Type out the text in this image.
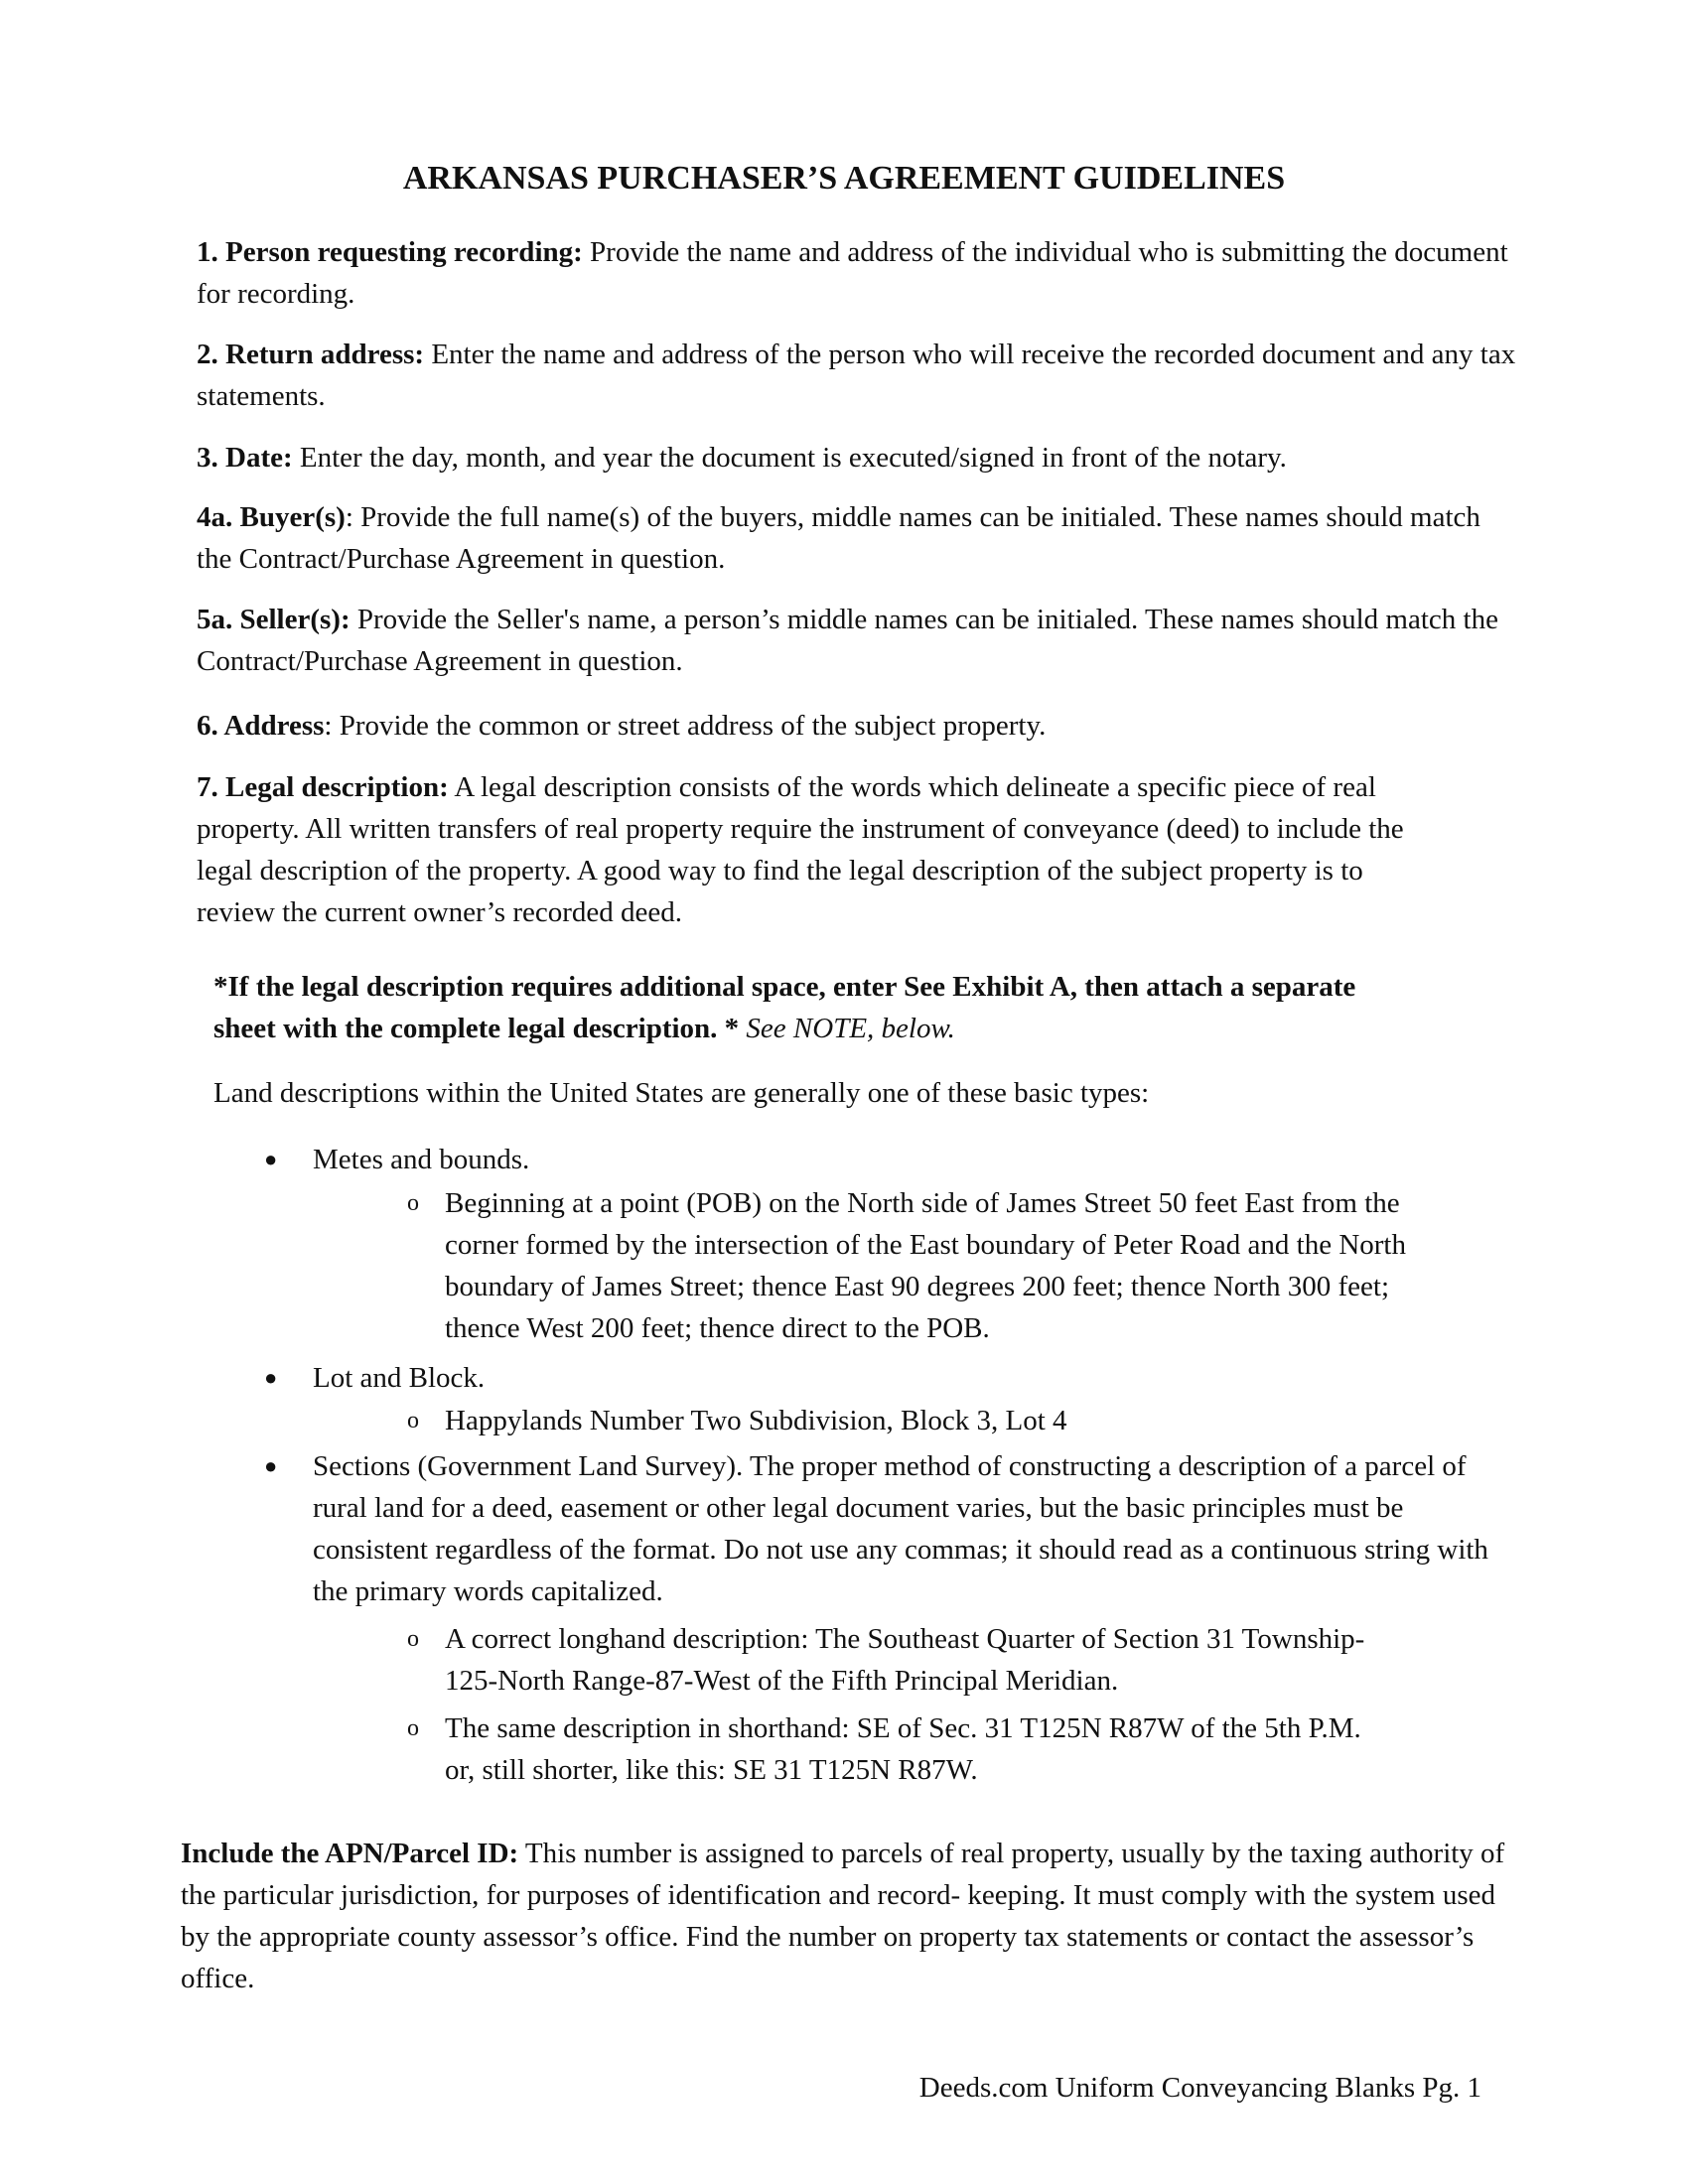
ARKANSAS PURCHASER’S AGREEMENT GUIDELINES

1. Person requesting recording: Provide the name and address of the individual who is submitting the document for recording.

2. Return address: Enter the name and address of the person who will receive the recorded document and any tax statements.

3. Date: Enter the day, month, and year the document is executed/signed in front of the notary.

4a. Buyer(s): Provide the full name(s) of the buyers, middle names can be initialed. These names should match the Contract/Purchase Agreement in question.

5a. Seller(s): Provide the Seller's name, a person’s middle names can be initialed. These names should match the Contract/Purchase Agreement in question.

6. Address: Provide the common or street address of the subject property.

7. Legal description: A legal description consists of the words which delineate a specific piece of real property. All written transfers of real property require the instrument of conveyance (deed) to include the legal description of the property. A good way to find the legal description of the subject property is to review the current owner’s recorded deed.

*If the legal description requires additional space, enter See Exhibit A, then attach a separate sheet with the complete legal description. * See NOTE, below.

Land descriptions within the United States are generally one of these basic types:

● Metes and bounds.

o Beginning at a point (POB) on the North side of James Street 50 feet East from the corner formed by the intersection of the East boundary of Peter Road and the North boundary of James Street; thence East 90 degrees 200 feet; thence North 300 feet; thence West 200 feet; thence direct to the POB.

● Lot and Block.

o Happylands Number Two Subdivision, Block 3, Lot 4

● Sections (Government Land Survey). The proper method of constructing a description of a parcel of rural land for a deed, easement or other legal document varies, but the basic principles must be consistent regardless of the format. Do not use any commas; it should read as a continuous string with the primary words capitalized.

o A correct longhand description: The Southeast Quarter of Section 31 Township-125-North Range-87-West of the Fifth Principal Meridian.

o The same description in shorthand: SE of Sec. 31 T125N R87W of the 5th P.M. or, still shorter, like this: SE 31 T125N R87W.

Include the APN/Parcel ID: This number is assigned to parcels of real property, usually by the taxing authority of the particular jurisdiction, for purposes of identification and record- keeping. It must comply with the system used by the appropriate county assessor’s office. Find the number on property tax statements or contact the assessor’s office.

Deeds.com Uniform Conveyancing Blanks Pg. 1
